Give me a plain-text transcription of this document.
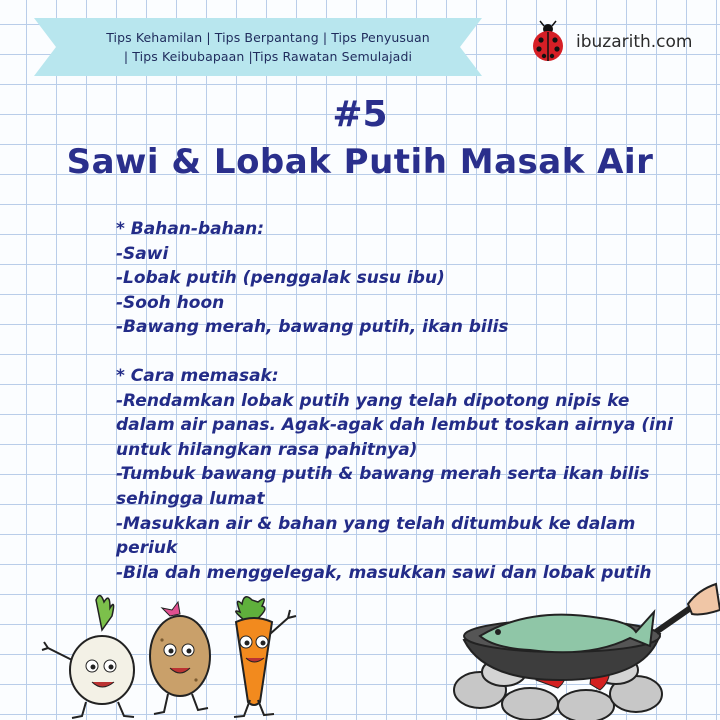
Tips Kehamilan | Tips Berpantang | Tips Penyusuan
| Tips Keibubapaan |Tips Rawatan Semulajadi
ibuzarith.com
#5
Sawi & Lobak Putih Masak Air
* Bahan-bahan:
-Sawi
-Lobak putih (penggalak susu ibu)
-Sooh hoon
-Bawang merah, bawang putih, ikan bilis
* Cara memasak:
-Rendamkan lobak putih yang telah dipotong nipis ke
dalam air panas. Agak-agak dah lembut toskan airnya (ini
untuk hilangkan rasa pahitnya)
-Tumbuk bawang putih & bawang merah serta ikan bilis
sehingga lumat
-Masukkan air & bahan yang telah ditumbuk ke dalam
periuk
-Bila dah menggelegak, masukkan sawi dan lobak putih
